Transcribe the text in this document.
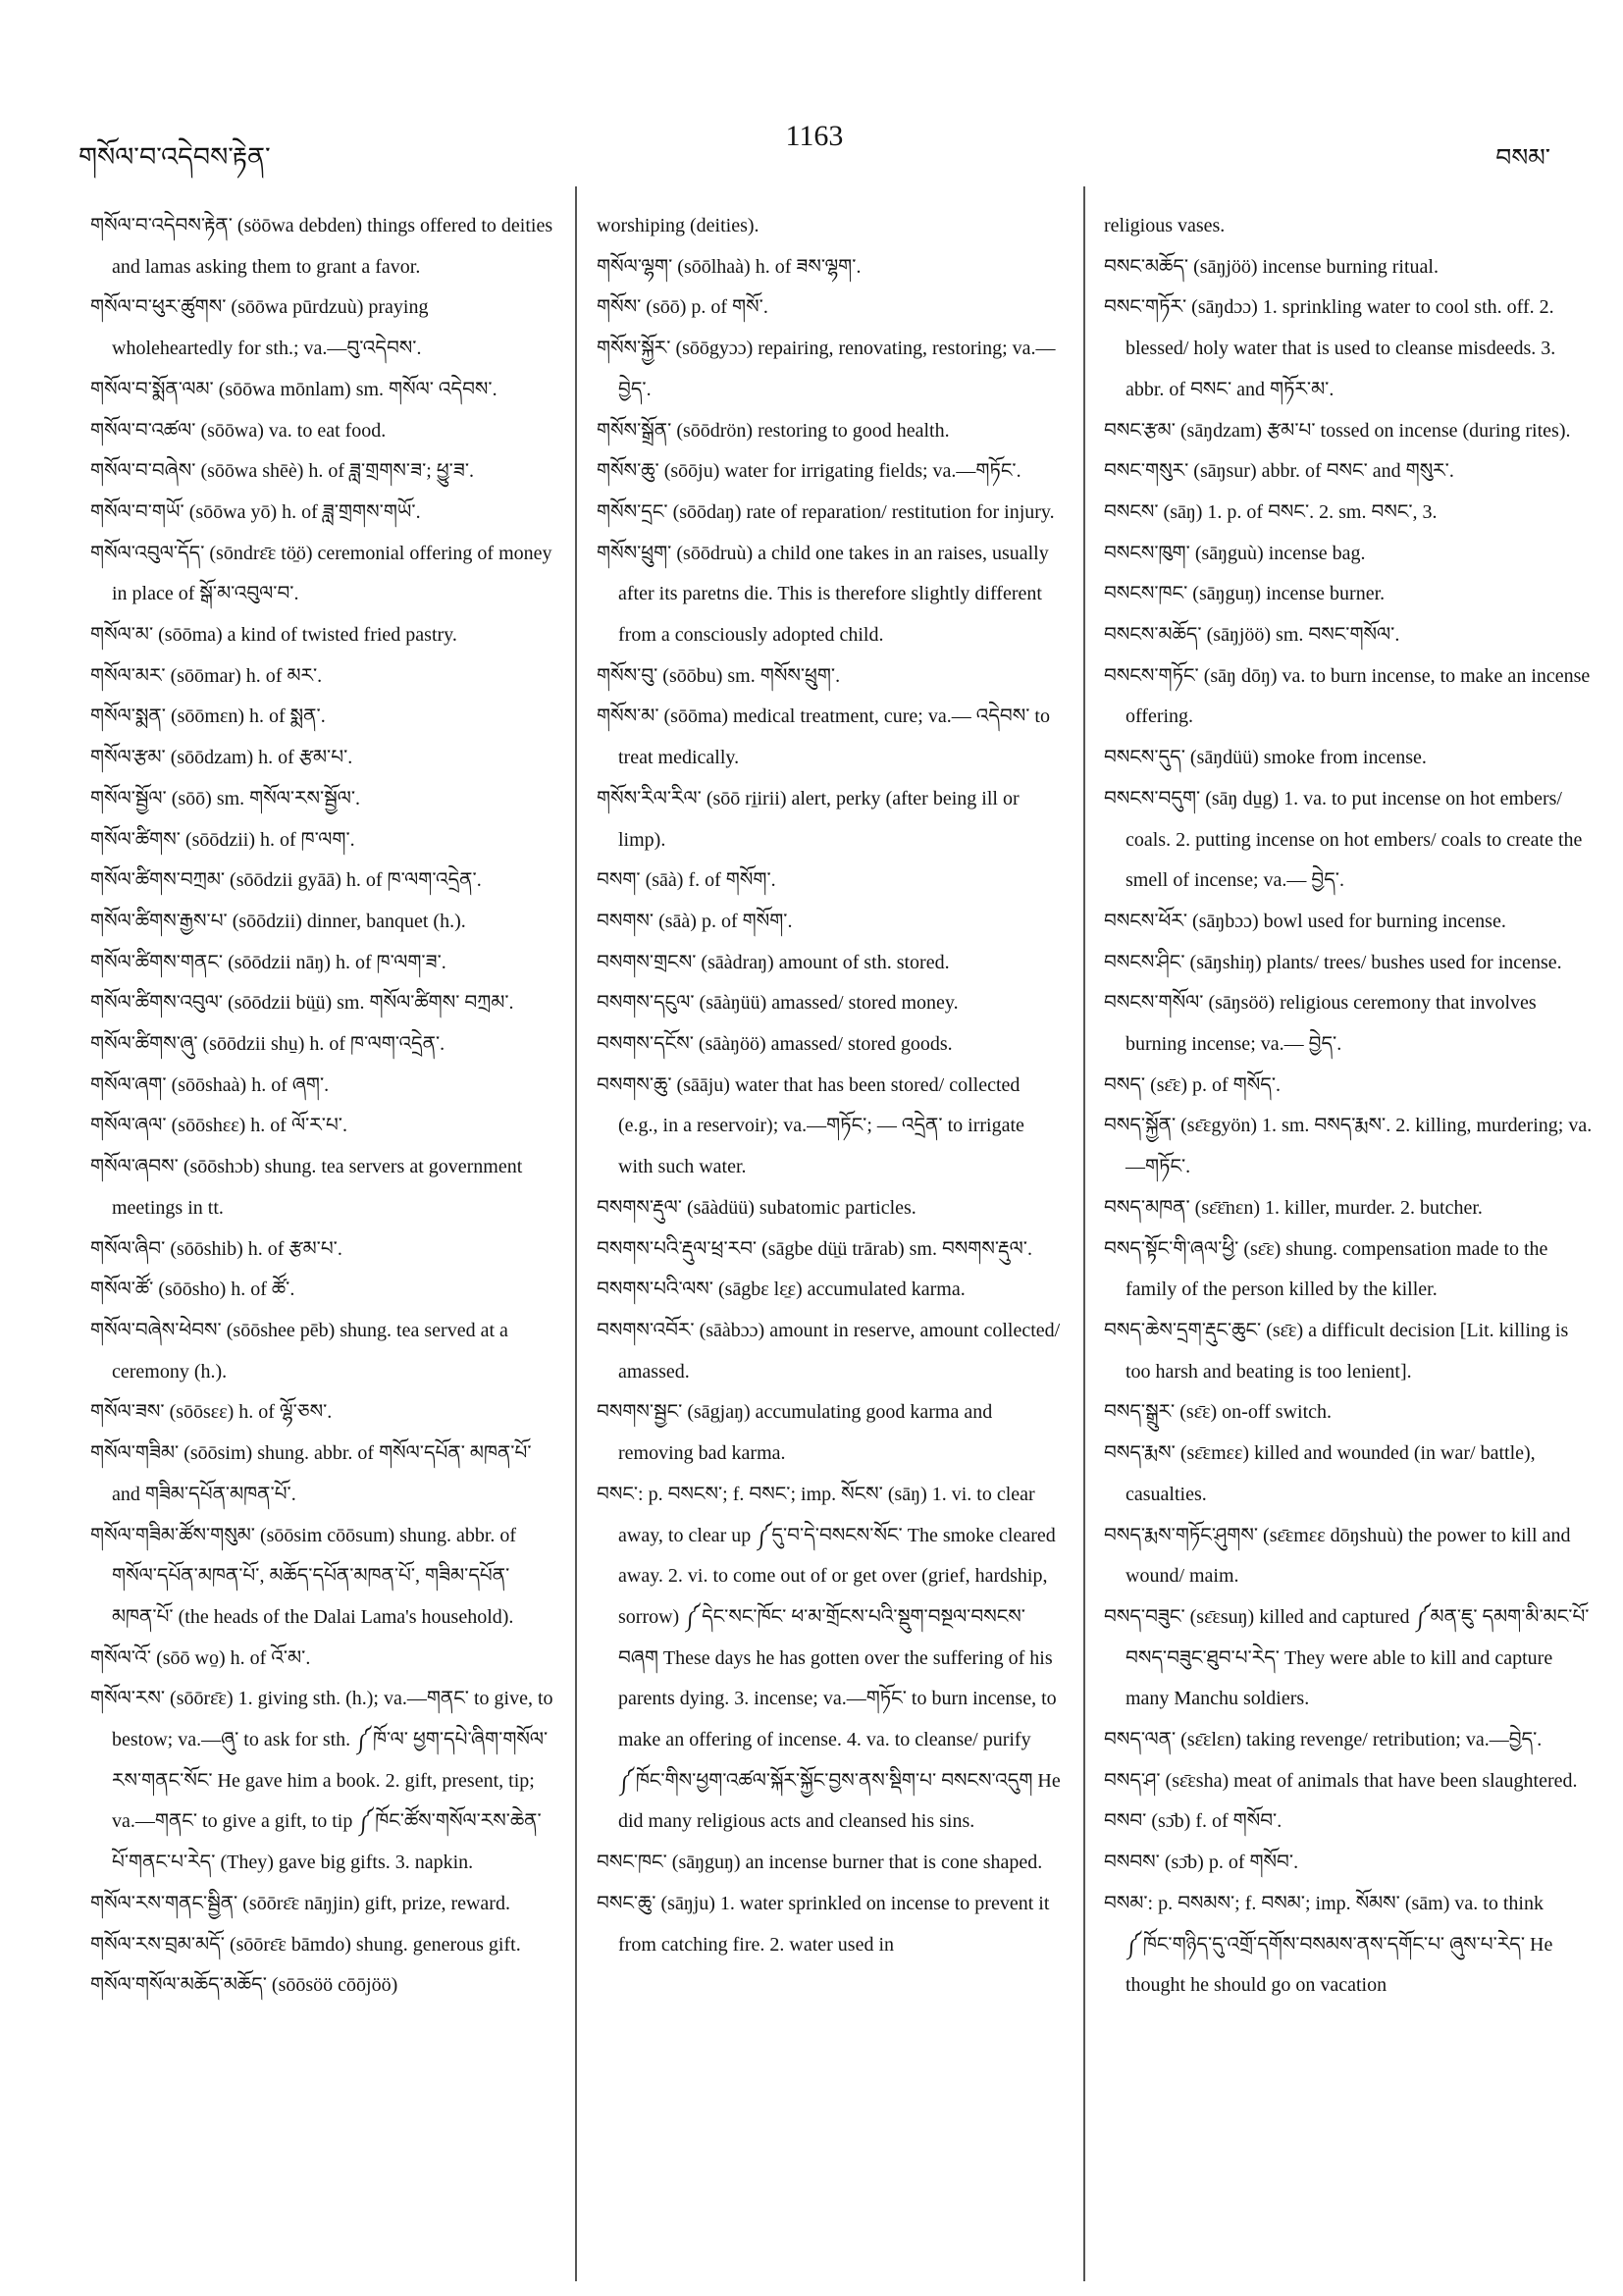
གསོལ་བ་འདེབས་རྟེན་
1163
བསམ་

གསོལ་བ་འདེབས་རྟེན་ (söōwa debden) things offered to deities and lamas asking them to grant a favor.

གསོལ་བ་ཕུར་ཚུགས་ (sōōwa pūrdzuù) praying wholeheartedly for sth.; va.—བུ་འདེབས་.

གསོལ་བ་སྨོན་ལམ་ (sōōwa mōnlam) sm. གསོལ་ འདེབས་.

གསོལ་བ་འཚལ་ (sōōwa) va. to eat food.

གསོལ་བ་བཞེས་ (sōōwa shēè) h. of ཟླ་གྲགས་ཟ་; ཕྱུ་ཟ་.

གསོལ་བ་གཡོ་ (sōōwa yō) h. of ཟླ་གྲགས་གཡོ་.

གསོལ་འབུལ་དོད་ (sōndrɛ̄ɛ tö̱ö) ceremonial offering of money in place of སྒོ་མ་འབུལ་བ་.

གསོལ་མ་ (sōōma) a kind of twisted fried pastry.

གསོལ་མར་ (sōōmar) h. of མར་.

གསོལ་སྨན་ (sōōmɛn) h. of སྨན་.

གསོལ་རྩམ་ (sōōdzam) h. of རྩམ་པ་.

གསོལ་སྦྱོལ་ (sōō) sm. གསོལ་རས་སྦྱོལ་.

གསོལ་ཚིགས་ (sōōdzii) h. of ཁ་ལག་.

གསོལ་ཚིགས་བཀྲམ་ (sōōdzii gyāā) h. of ཁ་ལག་འདྲེན་.

གསོལ་ཚིགས་རྒྱས་པ་ (sōōdzii) dinner, banquet (h.).

གསོལ་ཚིགས་གནང་ (sōōdzii nāŋ) h. of ཁ་ལག་ཟ་.

གསོལ་ཚིགས་འབུལ་ (sōōdzii bü̱ü) sm. གསོལ་ཚིགས་ བཀྲམ་.

གསོལ་ཚིགས་ཞུ་ (sōōdzii shu̱) h. of ཁ་ལག་འདྲེན་.

གསོལ་ཞག་ (sōōshaà) h. of ཞག་.

གསོལ་ཞལ་ (sōōshɛɛ) h. of ལོ་ར་པ་.

གསོལ་ཞབས་ (sōōshɔb) shung. tea servers at government meetings in tt.

གསོལ་ཞིབ་ (sōōshib) h. of རྩམ་པ་.

གསོལ་ཚོ་ (sōōsho) h. of ཚོ་.

གསོལ་བཞེས་ཕེབས་ (sōōshee pēb) shung. tea served at a ceremony (h.).

གསོལ་ཟས་ (sōōsɛɛ) h. of ལྷོ་ཅས་.

གསོལ་གཟིམ་ (sōōsim) shung. abbr. of གསོལ་དཔོན་ མཁན་པོ་ and གཟིམ་དཔོན་མཁན་པོ་.

གསོལ་གཟིམ་ཚོས་གསུམ་ (sōōsim cōōsum) shung. abbr. of གསོལ་དཔོན་མཁན་པོ་, མཆོད་དཔོན་མཁན་པོ་, གཟིམ་དཔོན་མཁན་པོ་ (the heads of the Dalai Lama's household).

གསོལ་འོ་ (sōō wo̱) h. of འོ་མ་.

གསོལ་རས་ (sōōrɛ̄ɛ) 1. giving sth. (h.); va.—གནང་ to give, to bestow; va.—ཞུ་ to ask for sth. ༼ཁོ་ལ་ ཕྱག་དཔེ་ཞིག་གསོལ་རས་གནང་སོང་ He gave him a book. 2. gift, present, tip; va.—གནང་ to give a gift, to tip ༼ཁོང་ཚོས་གསོལ་རས་ཆེན་པོ་གནང་པ་རེད་ (They) gave big gifts. 3. napkin.

གསོལ་རས་གནང་སྦྱིན་ (sōōrɛ̄ɛ nāŋjin) gift, prize, reward.

གསོལ་རས་བྲམ་མདོ་ (sōōrɛ̄ɛ bāmdo) shung. generous gift.

གསོལ་གསོལ་མཆོད་མཆོད་ (sōōsöö cōōjöö)

worshiping (deities).

གསོལ་ལྷག་ (sōōlhaà) h. of ཟས་ལྷག་.

གསོས་ (sōō) p. of གསོ་.

གསོས་སྐྱོར་ (sōōgyɔɔ) repairing, renovating, restoring; va.—བྱེད་.

གསོས་སྒྲོན་ (sōōdrön) restoring to good health.

གསོས་ཆུ་ (sōōju) water for irrigating fields; va.—གཏོང་.

གསོས་དྲང་ (sōōdaŋ) rate of reparation/ restitution for injury.

གསོས་ཕྲུག་ (sōōdruù) a child one takes in an raises, usually after its paretns die. This is therefore slightly different from a consciously adopted child.

གསོས་བུ་ (sōōbu) sm. གསོས་ཕྲུག་.

གསོས་མ་ (sōōma) medical treatment, cure; va.— འདེབས་ to treat medically.

གསོས་རིལ་རིལ་ (sōō ri̱irii) alert, perky (after being ill or limp).

བསག་ (sāà) f. of གསོག་.

བསགས་ (sāà) p. of གསོག་.

བསགས་གྲངས་ (sāàdraŋ) amount of sth. stored.

བསགས་དངུལ་ (sāàŋüü) amassed/ stored money.

བསགས་དངོས་ (sāàŋöö) amassed/ stored goods.

བསགས་ཆུ་ (sāāju) water that has been stored/ collected (e.g., in a reservoir); va.—གཏོང་; — འདྲེན་ to irrigate with such water.

བསགས་རྡུལ་ (sāàdüü) subatomic particles.

བསགས་པའི་རྡུལ་ཕྲ་རབ་ (sāgbe dü̱ü trārab) sm. བསགས་རྡུལ་.

བསགས་པའི་ལས་ (sāgbɛ lɛ̱ɛ) accumulated karma.

བསགས་འབོར་ (sāàbɔɔ) amount in reserve, amount collected/ amassed.

བསགས་སྦྱང་ (sāgjaŋ) accumulating good karma and removing bad karma.

བསང་: p. བསངས་; f. བསང་; imp. སོངས་ (sāŋ) 1. vi. to clear away, to clear up ༼དུ་བ་དེ་བསངས་སོང་ The smoke cleared away. 2. vi. to come out of or get over (grief, hardship, sorrow) ༼དེང་སང་ཁོང་ ཕ་མ་གྲོངས་པའི་སྡུག་བསྔལ་བསངས་བཞག These days he has gotten over the suffering of his parents dying. 3. incense; va.—གཏོང་ to burn incense, to make an offering of incense. 4. va. to cleanse/ purify ༼ཁོང་གིས་ཕྱག་འཚལ་སྐོར་སྐྱོང་བྱས་ནས་སྡིག་པ་ བསངས་འདུག He did many religious acts and cleansed his sins.

བསང་ཁང་ (sāŋguŋ) an incense burner that is cone shaped.

བསང་ཆུ་ (sāŋju) 1. water sprinkled on incense to prevent it from catching fire. 2. water used in

religious vases.

བསང་མཆོད་ (sāŋjöö) incense burning ritual.

བསང་གཏོར་ (sāŋdɔɔ) 1. sprinkling water to cool sth. off. 2. blessed/ holy water that is used to cleanse misdeeds. 3. abbr. of བསང་ and གཏོར་མ་.

བསང་རྩམ་ (sāŋdzam) རྩམ་པ་ tossed on incense (during rites).

བསང་གསུར་ (sāŋsur) abbr. of བསང་ and གསུར་.

བསངས་ (sāŋ) 1. p. of བསང་. 2. sm. བསང་, 3.

བསངས་ཁུག་ (sāŋguù) incense bag.

བསངས་ཁང་ (sāŋguŋ) incense burner.

བསངས་མཆོད་ (sāŋjöö) sm. བསང་གསོལ་.

བསངས་གཏོང་ (sāŋ dōŋ) va. to burn incense, to make an incense offering.

བསངས་དུད་ (sāŋdüü) smoke from incense.

བསངས་བདུག་ (sāŋ du̱g) 1. va. to put incense on hot embers/ coals. 2. putting incense on hot embers/ coals to create the smell of incense; va.— བྱེད་.

བསངས་ཕོར་ (sāŋbɔɔ) bowl used for burning incense.

བསངས་ཤིང་ (sāŋshiŋ) plants/ trees/ bushes used for incense.

བསངས་གསོལ་ (sāŋsöö) religious ceremony that involves burning incense; va.— བྱེད་.

བསད་ (sɛ̄ɛ) p. of གསོད་.

བསད་སྐྱོན་ (sɛ̄ɛgyön) 1. sm. བསད་རྨས་. 2. killing, murdering; va.—གཏོང་.

བསད་མཁན་ (sɛ̄ɛ̄nɛn) 1. killer, murder. 2. butcher.

བསད་སྟོང་གི་ཞལ་ཕྱི་ (sɛ̄ɛ) shung. compensation made to the family of the person killed by the killer.

བསད་ཆེས་དྲག་རྡུང་ཆུང་ (sɛ̄ɛ) a difficult decision [Lit. killing is too harsh and beating is too lenient].

བསད་སྒྲུར་ (sɛ̄ɛ) on-off switch.

བསད་རྨས་ (sɛ̄ɛmɛɛ) killed and wounded (in war/ battle), casualties.

བསད་རྨས་གཏོང་ཤུགས་ (sɛ̄ɛmɛɛ dōŋshuù) the power to kill and wound/ maim.

བསད་བཟུང་ (sɛ̄ɛsuŋ) killed and captured ༼མན་ཇུ་ དམག་མི་མང་པོ་བསད་བཟུང་ཐུབ་པ་རེད་ They were able to kill and capture many Manchu soldiers.

བསད་ལན་ (sɛ̄ɛlɛn) taking revenge/ retribution; va.—བྱེད་.

བསད་ཤ་ (sɛ̄ɛsha) meat of animals that have been slaughtered.

བསབ་ (sɔ̄b) f. of གསོབ་.

བསབས་ (sɔ̄b) p. of གསོབ་.

བསམ་: p. བསམས་; f. བསམ་; imp. སོམས་ (sām) va. to think ༼ཁོང་གཉིད་དུ་འགྲོ་དགོས་བསམས་ནས་དགོང་པ་ ཞུས་པ་རེད་ He thought he should go on vacation
